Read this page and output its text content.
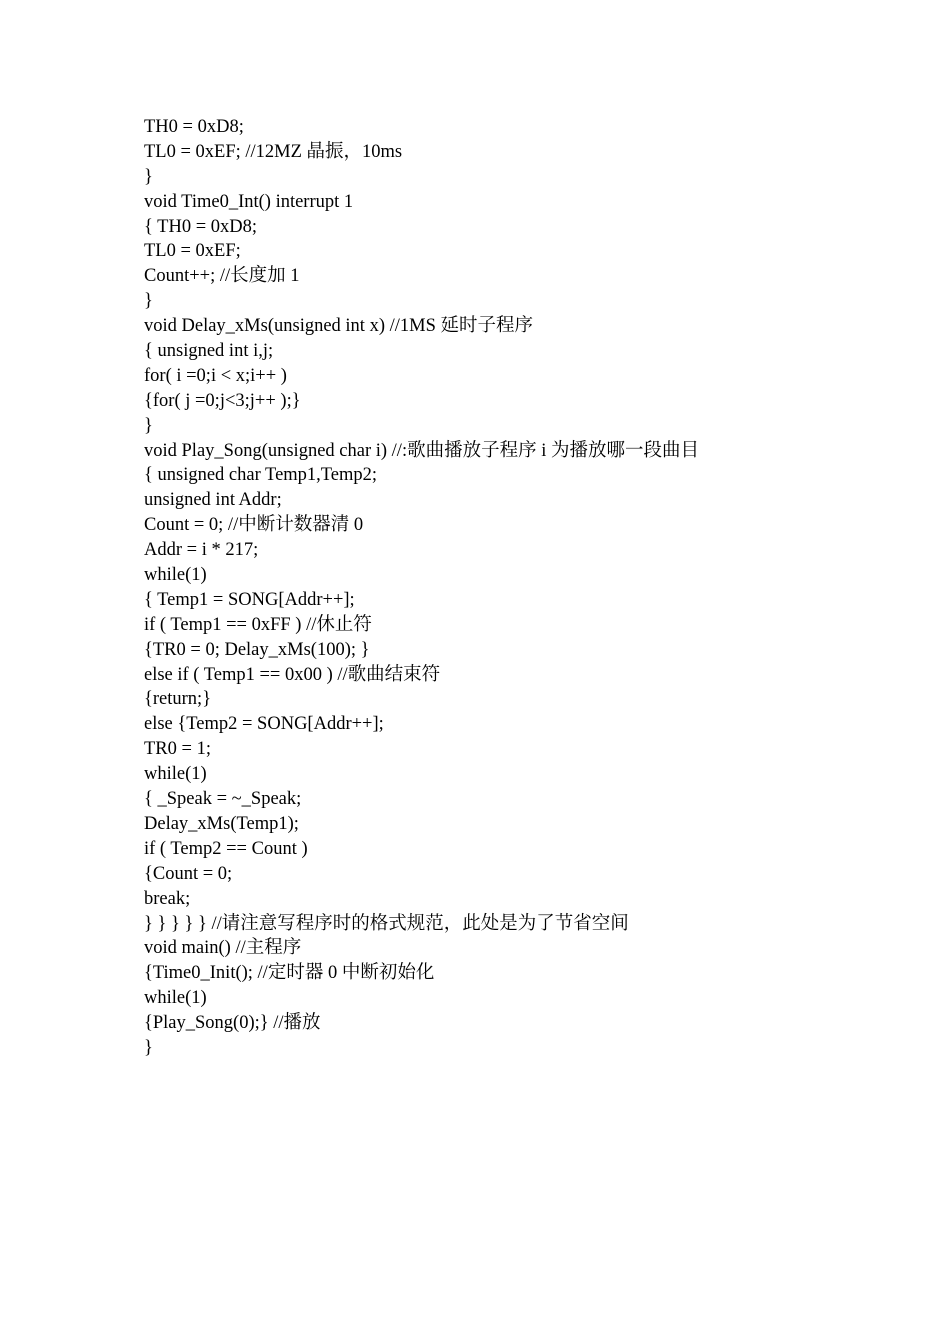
TH0 = 0xD8;
TL0 = 0xEF; //12MZ 晶振，10ms
}
void Time0_Int() interrupt 1
{ TH0 = 0xD8;
TL0 = 0xEF;
Count++; //长度加 1
}
void Delay_xMs(unsigned int x) //1MS 延时子程序
{ unsigned int i,j;
for( i =0;i < x;i++ )
{for( j =0;j<3;j++ );}
}
void Play_Song(unsigned char i) //:歌曲播放子程序 i 为播放哪一段曲目
{ unsigned char Temp1,Temp2;
unsigned int Addr;
Count = 0; //中断计数器清 0
Addr = i * 217;
while(1)
{ Temp1 = SONG[Addr++];
if ( Temp1 == 0xFF ) //休止符
{TR0 = 0; Delay_xMs(100); }
else if ( Temp1 == 0x00 ) //歌曲结束符
{return;}
else {Temp2 = SONG[Addr++];
TR0 = 1;
while(1)
{ _Speak = ~_Speak;
Delay_xMs(Temp1);
if ( Temp2 == Count )
{Count = 0;
break;
} } } } } //请注意写程序时的格式规范，此处是为了节省空间
void main() //主程序
{Time0_Init(); //定时器 0 中断初始化
while(1)
{Play_Song(0);} //播放
}
